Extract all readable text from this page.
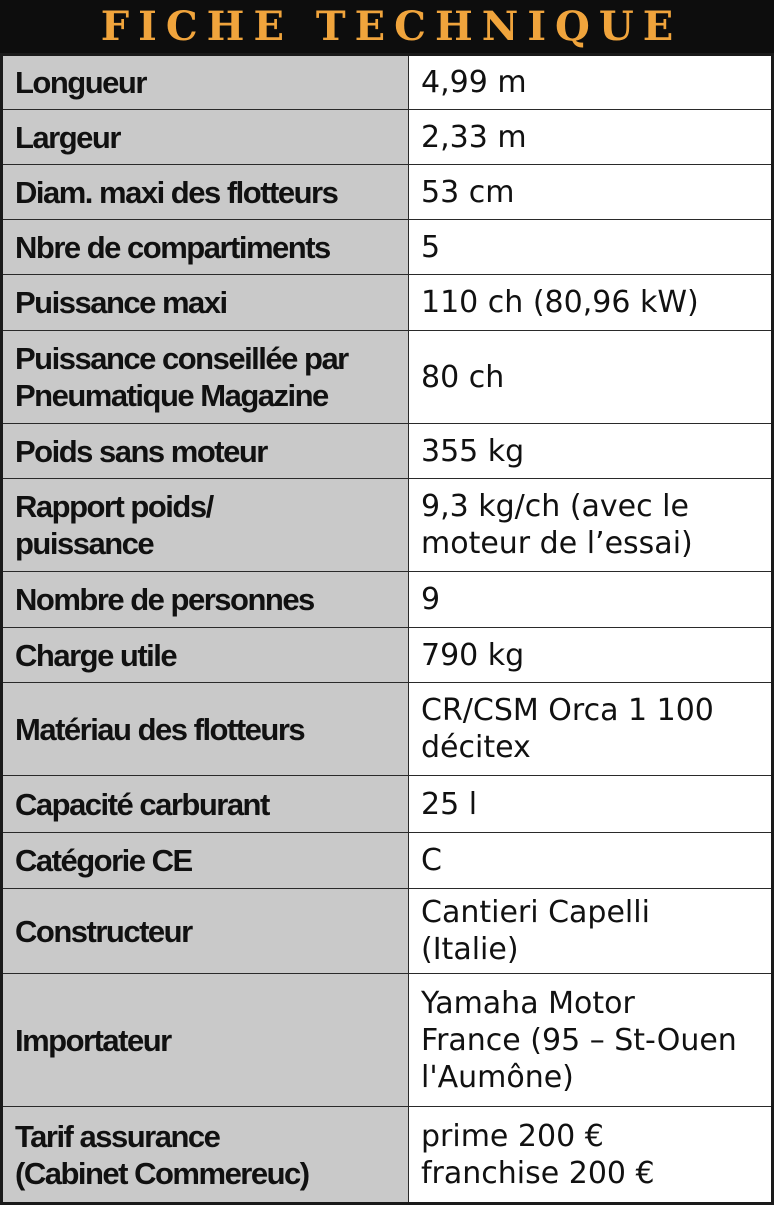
FICHE TECHNIQUE
Longueur	4,99 m

Largeur	2,33 m

Diam. maxi des flotteurs	53 cm

Nbre de compartiments	5

Puissance maxi	110 ch (80,96 kW)

Puissance conseillée par
Pneumatique Magazine	80 ch

Poids sans moteur	355 kg

Rapport poids/
puissance	9,3 kg/ch (avec le
moteur de l’essai)

Nombre de personnes	9

Charge utile	790 kg

Matériau des flotteurs	CR/CSM Orca 1 100
décitex

Capacité carburant	25 l

Catégorie CE	C

Constructeur	Cantieri Capelli
(Italie)

Importateur	Yamaha Motor
France (95 – St-Ouen
l'Aumône)

Tarif assurance
(Cabinet Commereuc)	prime 200 €
franchise 200 €
